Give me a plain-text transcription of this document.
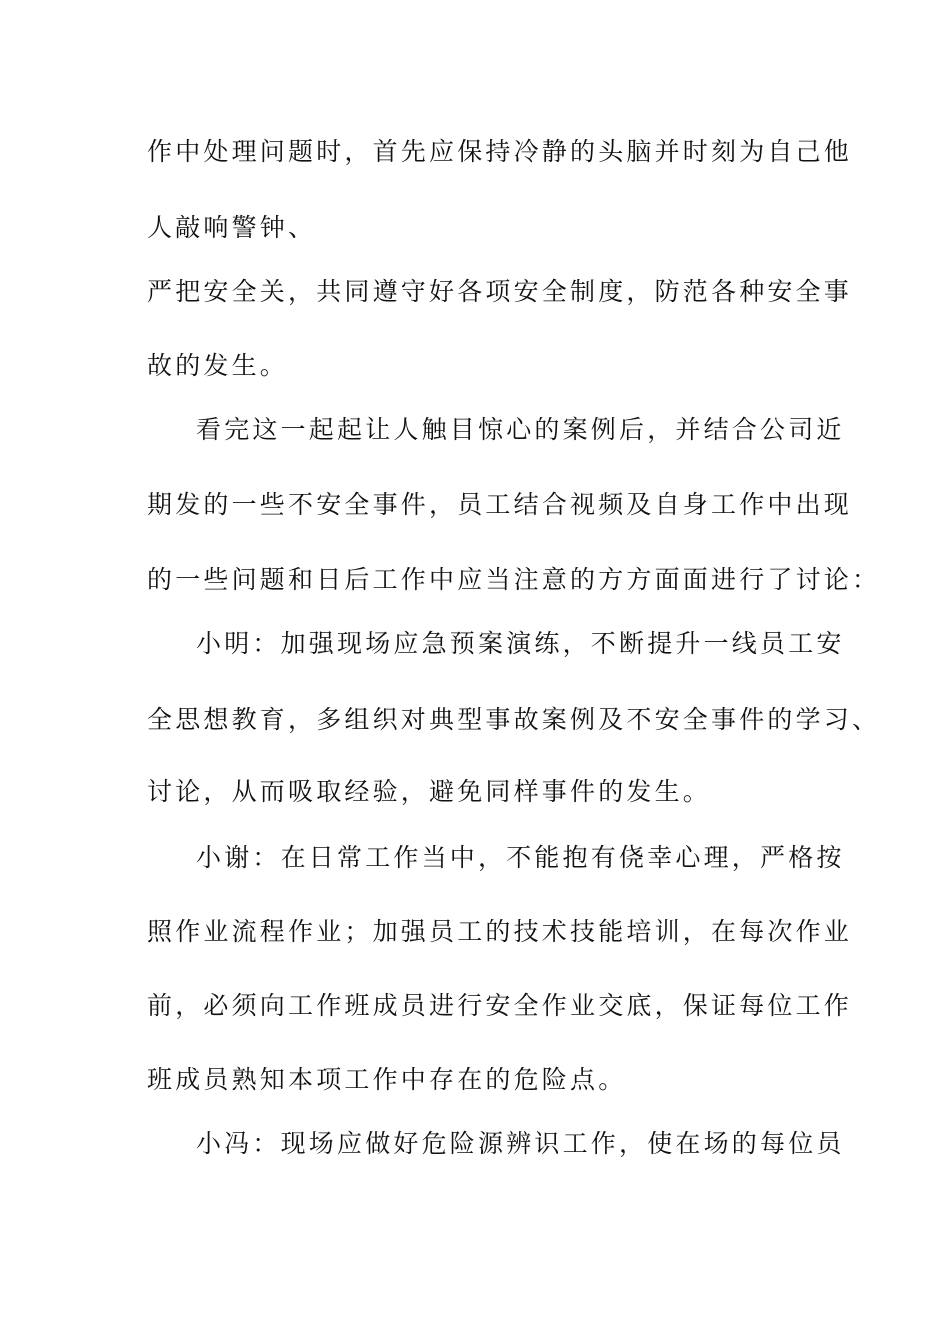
作中处理问题时，首先应保持冷静的头脑并时刻为自己他
人敲响警钟、
严把安全关，共同遵守好各项安全制度，防范各种安全事
故的发生。
看完这一起起让人触目惊心的案例后，并结合公司近
期发的一些不安全事件，员工结合视频及自身工作中出现
的一些问题和日后工作中应当注意的方方面面进行了讨论：
小明：加强现场应急预案演练，不断提升一线员工安
全思想教育，多组织对典型事故案例及不安全事件的学习、
讨论，从而吸取经验，避免同样事件的发生。
小谢：在日常工作当中，不能抱有侥幸心理，严格按
照作业流程作业；加强员工的技术技能培训，在每次作业
前，必须向工作班成员进行安全作业交底，保证每位工作
班成员熟知本项工作中存在的危险点。
小冯：现场应做好危险源辨识工作，使在场的每位员
